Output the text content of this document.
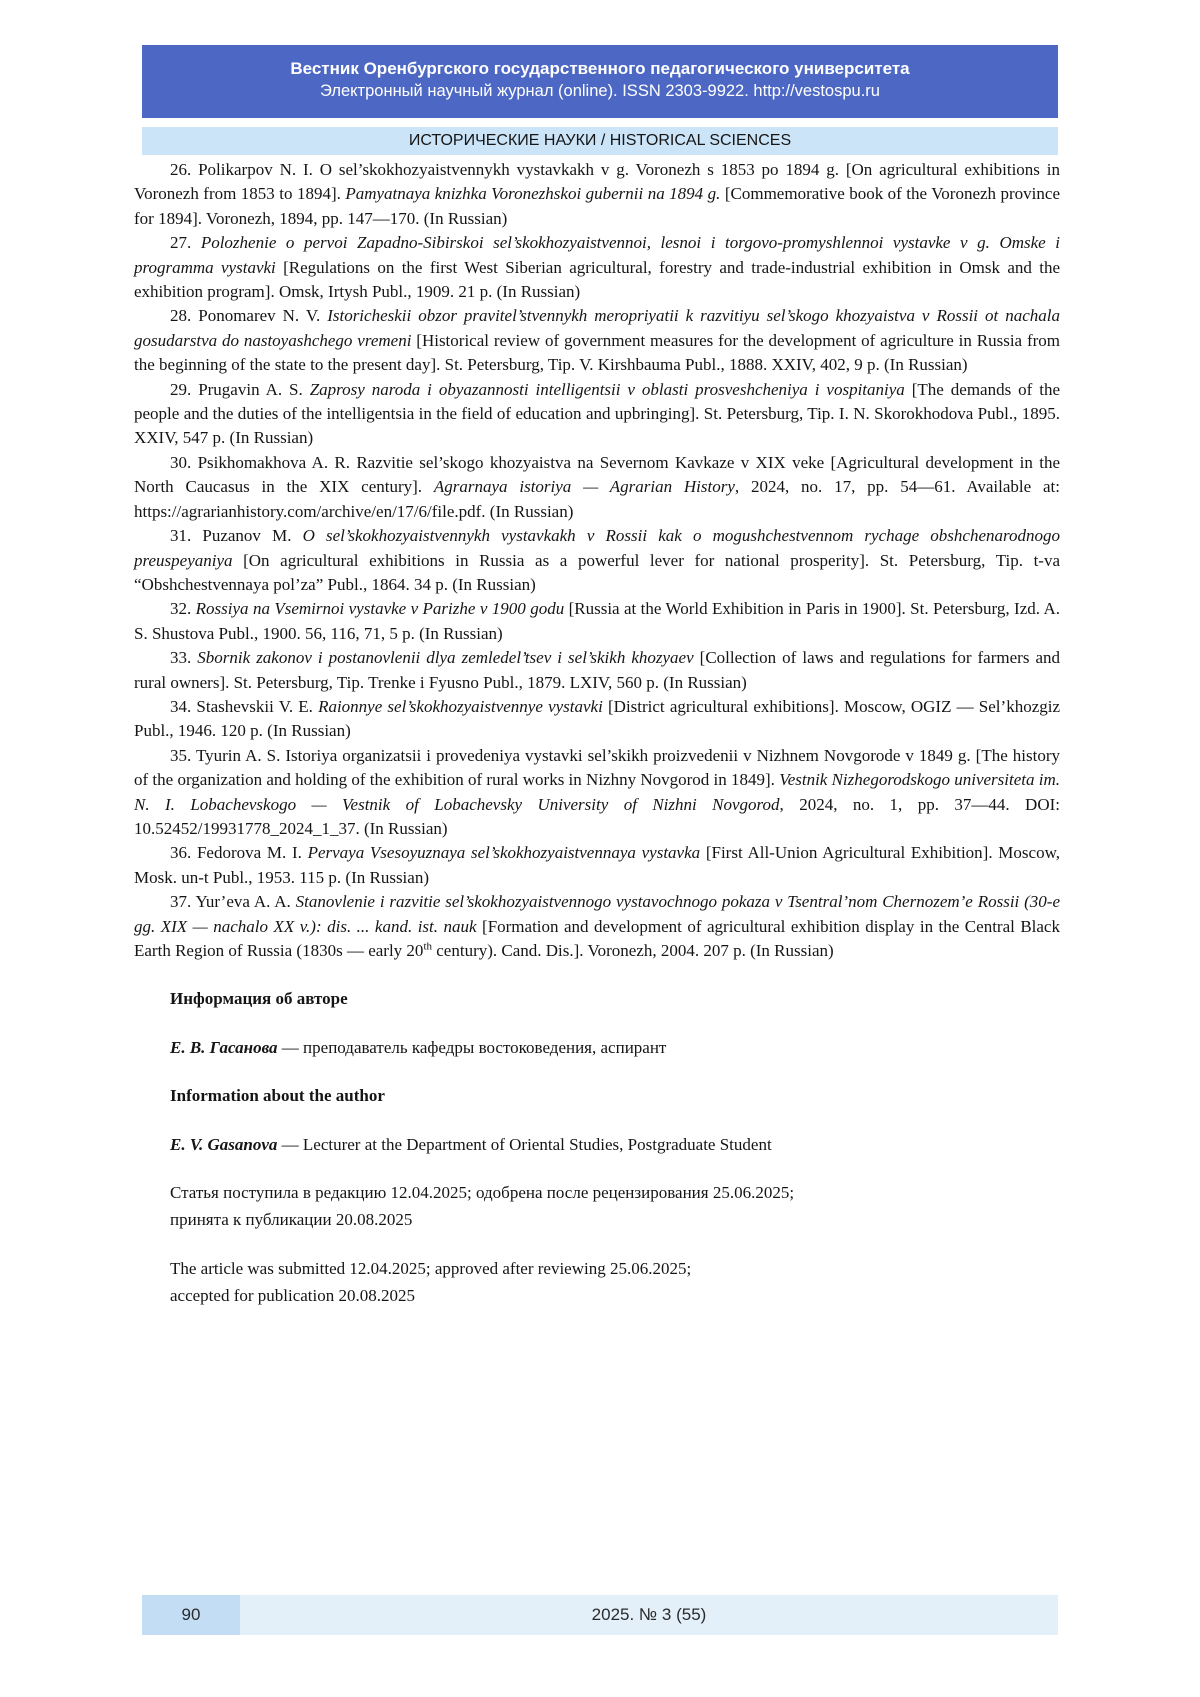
Вестник Оренбургского государственного педагогического университета
Электронный научный журнал (online). ISSN 2303-9922. http://vestospu.ru
ИСТОРИЧЕСКИЕ НАУКИ / HISTORICAL SCIENCES

26. Polikarpov N. I. O sel’skokhozyaistvennykh vystavkakh v g. Voronezh s 1853 po 1894 g. [On agricultural exhibitions in Voronezh from 1853 to 1894]. Pamyatnaya knizhka Voronezhskoi gubernii na 1894 g. [Commemorative book of the Voronezh province for 1894]. Voronezh, 1894, pp. 147—170. (In Russian)

27. Polozhenie o pervoi Zapadno-Sibirskoi sel’skokhozyaistvennoi, lesnoi i torgovo-promyshlennoi vystavke v g. Omske i programma vystavki [Regulations on the first West Siberian agricultural, forestry and trade-industrial exhibition in Omsk and the exhibition program]. Omsk, Irtysh Publ., 1909. 21 p. (In Russian)

28. Ponomarev N. V. Istoricheskii obzor pravitel’stvennykh meropriyatii k razvitiyu sel’skogo khozyaistva v Rossii ot nachala gosudarstva do nastoyashchego vremeni [Historical review of government measures for the development of agriculture in Russia from the beginning of the state to the present day]. St. Petersburg, Tip. V. Kirshbauma Publ., 1888. XXIV, 402, 9 p. (In Russian)

29. Prugavin A. S. Zaprosy naroda i obyazannosti intelligentsii v oblasti prosveshcheniya i vospitaniya [The demands of the people and the duties of the intelligentsia in the field of education and upbringing]. St. Petersburg, Tip. I. N. Skorokhodova Publ., 1895. XXIV, 547 p. (In Russian)

30. Psikhomakhova A. R. Razvitie sel’skogo khozyaistva na Severnom Kavkaze v XIX veke [Agricultural development in the North Caucasus in the XIX century]. Agrarnaya istoriya — Agrarian History, 2024, no. 17, pp. 54—61. Available at: https://agrarianhistory.com/archive/en/17/6/file.pdf. (In Russian)

31. Puzanov M. O sel’skokhozyaistvennykh vystavkakh v Rossii kak o mogushchestvennom rychage obshchenarodnogo preuspeyaniya [On agricultural exhibitions in Russia as a powerful lever for national prosperity]. St. Petersburg, Tip. t-va “Obshchestvennaya pol’za” Publ., 1864. 34 p. (In Russian)

32. Rossiya na Vsemirnoi vystavke v Parizhe v 1900 godu [Russia at the World Exhibition in Paris in 1900]. St. Petersburg, Izd. A. S. Shustova Publ., 1900. 56, 116, 71, 5 p. (In Russian)

33. Sbornik zakonov i postanovlenii dlya zemledel’tsev i sel’skikh khozyaev [Collection of laws and regulations for farmers and rural owners]. St. Petersburg, Tip. Trenke i Fyusno Publ., 1879. LXIV, 560 p. (In Russian)

34. Stashevskii V. E. Raionnye sel’skokhozyaistvennye vystavki [District agricultural exhibitions]. Moscow, OGIZ — Sel’khozgiz Publ., 1946. 120 p. (In Russian)

35. Tyurin A. S. Istoriya organizatsii i provedeniya vystavki sel’skikh proizvedenii v Nizhnem Novgorode v 1849 g. [The history of the organization and holding of the exhibition of rural works in Nizhny Novgorod in 1849]. Vestnik Nizhegorodskogo universiteta im. N. I. Lobachevskogo — Vestnik of Lobachevsky University of Nizhni Novgorod, 2024, no. 1, pp. 37—44. DOI: 10.52452/19931778_2024_1_37. (In Russian)

36. Fedorova M. I. Pervaya Vsesoyuznaya sel’skokhozyaistvennaya vystavka [First All-Union Agricultural Exhibition]. Moscow, Mosk. un-t Publ., 1953. 115 p. (In Russian)

37. Yur’eva A. A. Stanovlenie i razvitie sel’skokhozyaistvennogo vystavochnogo pokaza v Tsentral’nom Chernozem’e Rossii (30-e gg. XIX — nachalo XX v.): dis. ... kand. ist. nauk [Formation and development of agricultural exhibition display in the Central Black Earth Region of Russia (1830s — early 20th century). Cand. Dis.]. Voronezh, 2004. 207 p. (In Russian)

Информация об авторе

Е. В. Гасанова — преподаватель кафедры востоковедения, аспирант

Information about the author

E. V. Gasanova — Lecturer at the Department of Oriental Studies, Postgraduate Student

Статья поступила в редакцию 12.04.2025; одобрена после рецензирования 25.06.2025;
принята к публикации 20.08.2025

The article was submitted 12.04.2025; approved after reviewing 25.06.2025;
accepted for publication 20.08.2025

90	2025. № 3 (55)
